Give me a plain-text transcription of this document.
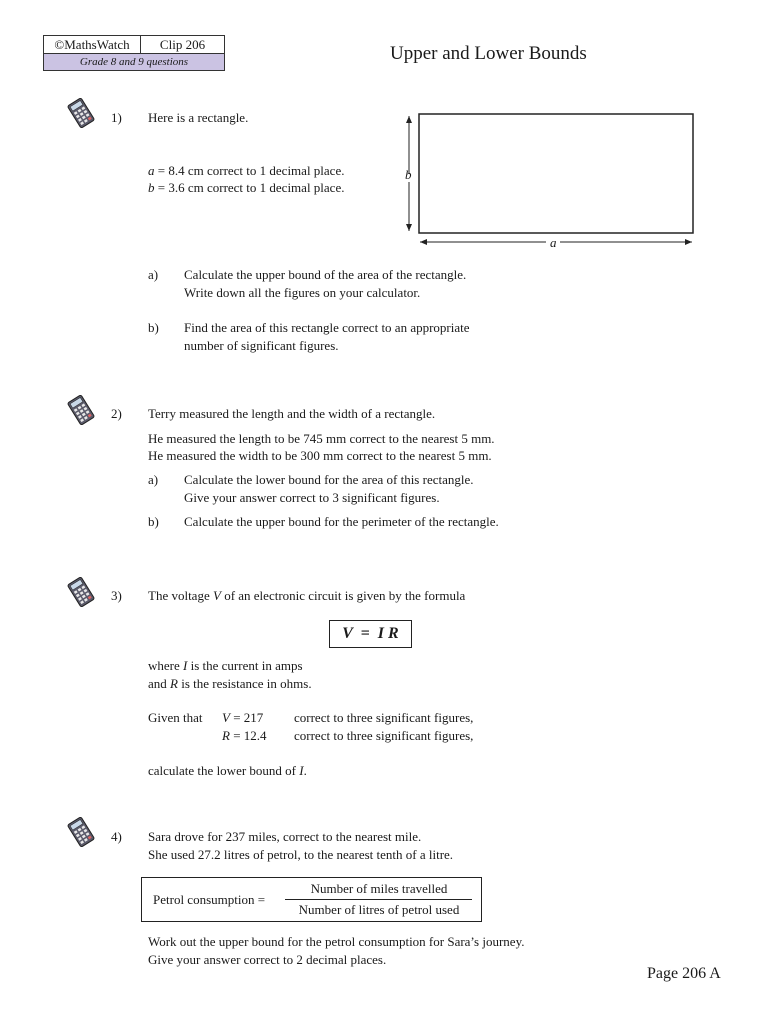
©MathsWatch	Clip 206
Grade 8 and 9 questions	Upper and Lower Bounds
1) Here is a rectangle.
a = 8.4 cm correct to 1 decimal place.
b = 3.6 cm correct to 1 decimal place.
b
a
a) Calculate the upper bound of the area of the rectangle.
Write down all the figures on your calculator.
b) Find the area of this rectangle correct to an appropriate
number of significant figures.
2) Terry measured the length and the width of a rectangle.
He measured the length to be 745 mm correct to the nearest 5 mm.
He measured the width to be 300 mm correct to the nearest 5 mm.
a) Calculate the lower bound for the area of this rectangle.
Give your answer correct to 3 significant figures.
b) Calculate the upper bound for the perimeter of the rectangle.
3) The voltage V of an electronic circuit is given by the formula
V  =  I R
where I is the current in amps
and R is the resistance in ohms.
Given that V = 217 correct to three significant figures,
R = 12.4 correct to three significant figures,
calculate the lower bound of I.
4) Sara drove for 237 miles, correct to the nearest mile.
She used 27.2 litres of petrol, to the nearest tenth of a litre.
Petrol consumption =
Number of miles travelled
Number of litres of petrol used
Work out the upper bound for the petrol consumption for Sara’s journey.
Give your answer correct to 2 decimal places.
Page 206 A
